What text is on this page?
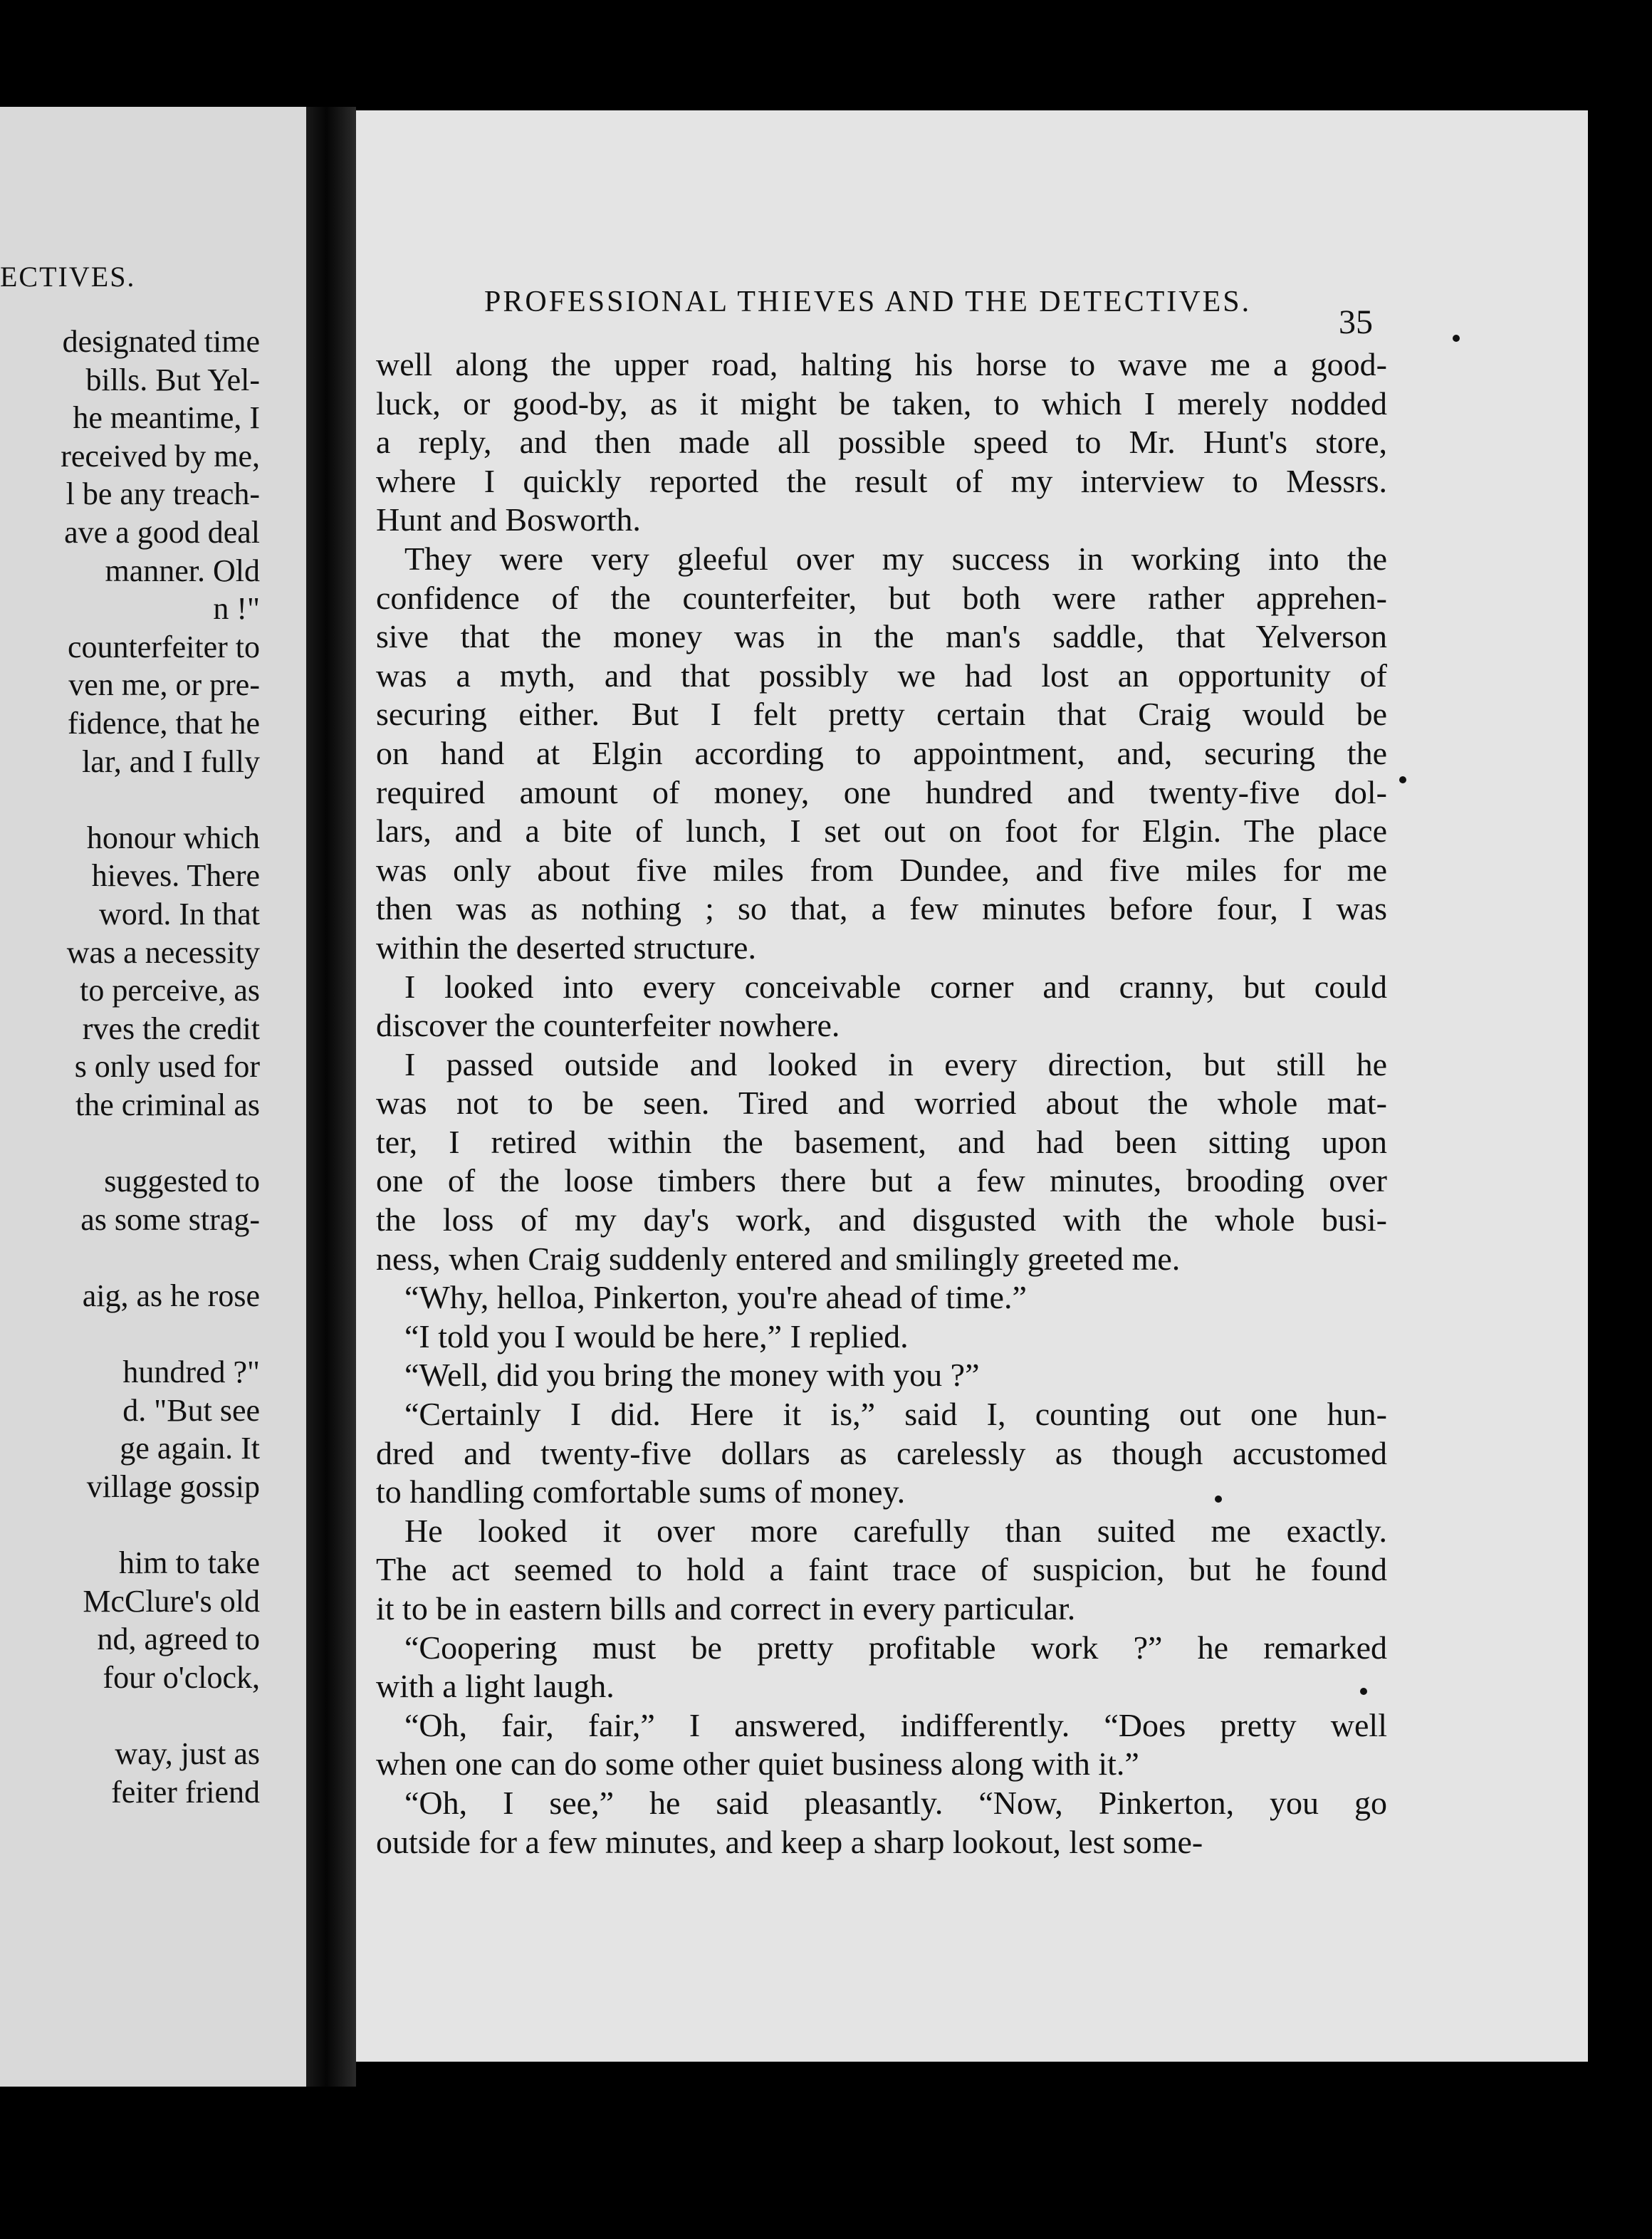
ECTIVES.
designated time
bills. But Yel-
he meantime, I
received by me,
l be any treach-
ave a good deal
manner. Old
n !"
counterfeiter to
ven me, or pre-
fidence, that he
lar, and I fully
honour which
hieves. There
word. In that
was a necessity
to perceive, as
rves the credit
s only used for
the criminal as
suggested to
as some strag-
aig, as he rose
hundred ?"
d. "But see
ge again. It
village gossip
him to take
McClure's old
nd, agreed to
four o'clock,
way, just as
feiter friend
PROFESSIONAL THIEVES AND THE DETECTIVES.
35
well along the upper road, halting his horse to wave me a good-
luck, or good-by, as it might be taken, to which I merely nodded
a reply, and then made all possible speed to Mr. Hunt's store,
where I quickly reported the result of my interview to Messrs.
Hunt and Bosworth.
They were very gleeful over my success in working into the
confidence of the counterfeiter, but both were rather apprehen-
sive that the money was in the man's saddle, that Yelverson
was a myth, and that possibly we had lost an opportunity of
securing either. But I felt pretty certain that Craig would be
on hand at Elgin according to appointment, and, securing the
required amount of money, one hundred and twenty-five dol-
lars, and a bite of lunch, I set out on foot for Elgin. The place
was only about five miles from Dundee, and five miles for me
then was as nothing ; so that, a few minutes before four, I was
within the deserted structure.
I looked into every conceivable corner and cranny, but could
discover the counterfeiter nowhere.
I passed outside and looked in every direction, but still he
was not to be seen. Tired and worried about the whole mat-
ter, I retired within the basement, and had been sitting upon
one of the loose timbers there but a few minutes, brooding over
the loss of my day's work, and disgusted with the whole busi-
ness, when Craig suddenly entered and smilingly greeted me.
“Why, helloa, Pinkerton, you're ahead of time.”
“I told you I would be here,” I replied.
“Well, did you bring the money with you ?”
“Certainly I did. Here it is,” said I, counting out one hun-
dred and twenty-five dollars as carelessly as though accustomed
to handling comfortable sums of money.
He looked it over more carefully than suited me exactly.
The act seemed to hold a faint trace of suspicion, but he found
it to be in eastern bills and correct in every particular.
“Coopering must be pretty profitable work ?” he remarked
with a light laugh.
“Oh, fair, fair,” I answered, indifferently. “Does pretty well
when one can do some other quiet business along with it.”
“Oh, I see,” he said pleasantly. “Now, Pinkerton, you go
outside for a few minutes, and keep a sharp lookout, lest some-
